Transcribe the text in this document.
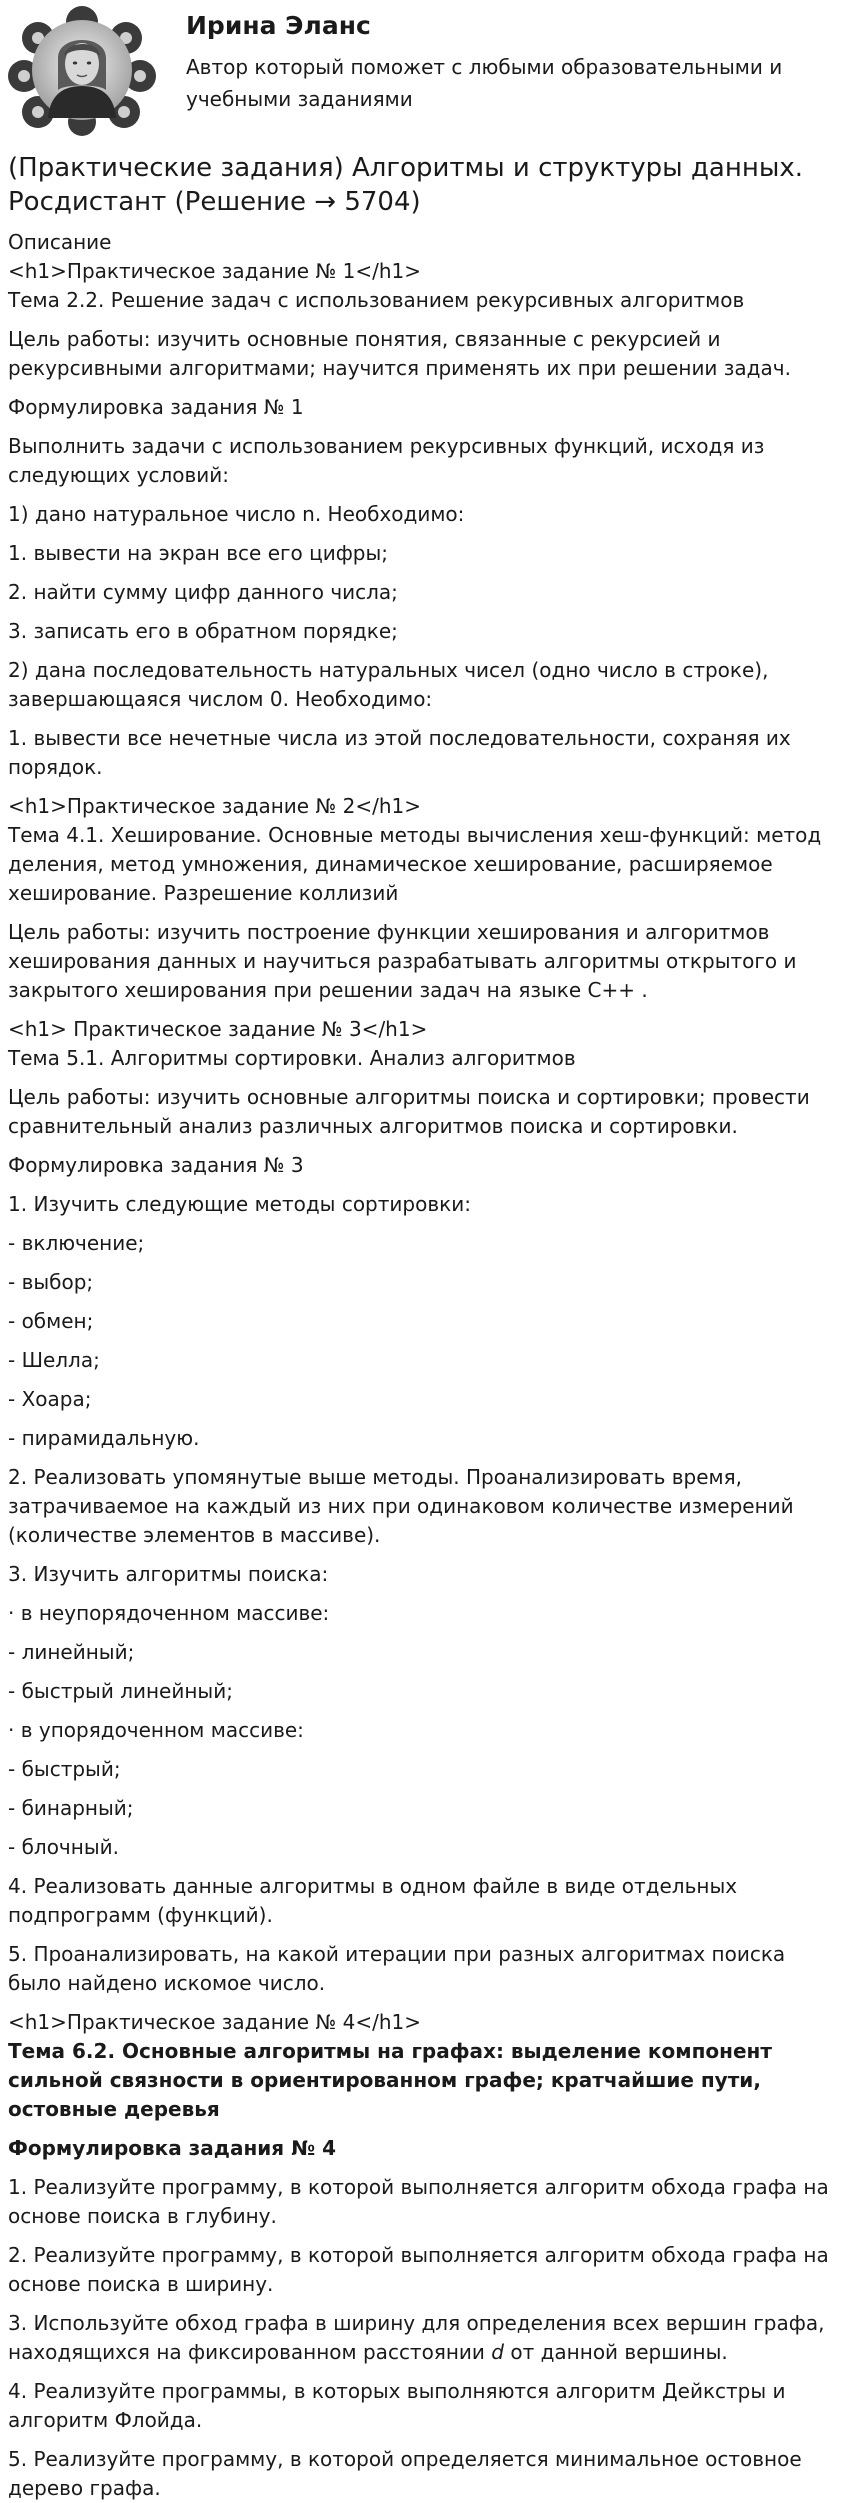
Ирина Эланс
Автор который поможет с любыми образовательными и учебными заданиями
(Практические задания) Алгоритмы и структуры данных. Росдистант (Решение → 5704)
Описание

<h1>Практическое задание № 1</h1>

Тема 2.2. Решение задач с использованием рекурсивных алгоритмов

Цель работы: изучить основные понятия, связанные с рекурсией и рекурсивными алгоритмами; научится применять их при решении задач.

Формулировка задания № 1

Выполнить задачи с использованием рекурсивных функций, исходя из следующих условий:

1) дано натуральное число n. Необходимо:

1. вывести на экран все его цифры;

2. найти сумму цифр данного числа;

3. записать его в обратном порядке;

2) дана последовательность натуральных чисел (одно число в строке), завершающаяся числом 0. Необходимо:

1. вывести все нечетные числа из этой последовательности, сохраняя их порядок.

<h1>Практическое задание № 2</h1>

Тема 4.1. Хеширование. Основные методы вычисления хеш-функций: метод деления, метод умножения, динамическое хеширование, расширяемое хеширование. Разрешение коллизий

Цель работы: изучить построение функции хеширования и алгоритмов хеширования данных и научиться разрабатывать алгоритмы открытого и закрытого хеширования при решении задач на языке C++ .

<h1> Практическое задание № 3</h1>

Тема 5.1. Алгоритмы сортировки. Анализ алгоритмов

Цель работы: изучить основные алгоритмы поиска и сортировки; провести сравнительный анализ различных алгоритмов поиска и сортировки.

Формулировка задания № 3

1. Изучить следующие методы сортировки:

- включение;

- выбор;

- обмен;

- Шелла;

- Хоара;

- пирамидальную.

2. Реализовать упомянутые выше методы. Проанализировать время, затрачиваемое на каждый из них при одинаковом количестве измерений (количестве элементов в массиве).

3. Изучить алгоритмы поиска:

· в неупорядоченном массиве:

- линейный;

- быстрый линейный;

· в упорядоченном массиве:

- быстрый;

- бинарный;

- блочный.

4. Реализовать данные алгоритмы в одном файле в виде отдельных подпрограмм (функций).

5. Проанализировать, на какой итерации при разных алгоритмах поиска было найдено искомое число.

<h1>Практическое задание № 4</h1>

Тема 6.2. Основные алгоритмы на графах: выделение компонент сильной связности в ориентированном графе; кратчайшие пути, остовные деревья

Формулировка задания № 4

1. Реализуйте программу, в которой выполняется алгоритм обхода графа на основе поиска в глубину.

2. Реализуйте программу, в которой выполняется алгоритм обхода графа на основе поиска в ширину.

3. Используйте обход графа в ширину для определения всех вершин графа, находящихся на фиксированном расстоянии d от данной вершины.

4. Реализуйте программы, в которых выполняются алгоритм Дейкстры и алгоритм Флойда.

5. Реализуйте программу, в которой определяется минимальное остовное дерево графа.
